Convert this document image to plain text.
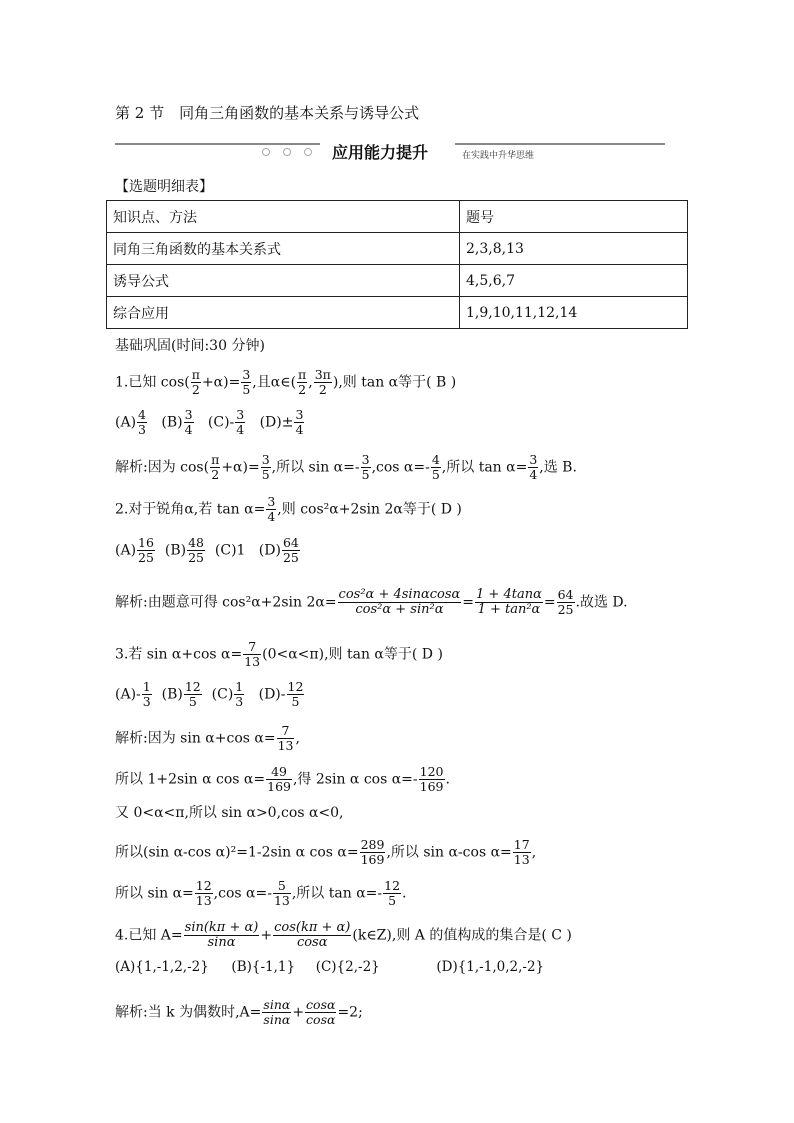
第 2 节　同角三角函数的基本关系与诱导公式
应用能力提升	在实践中升华思维
【选题明细表】
知识点、方法	题号
同角三角函数的基本关系式	2,3,8,13
诱导公式	4,5,6,7
综合应用	1,9,10,11,12,14
基础巩固(时间:30 分钟)
1.已知 $\cos( \frac{\pi}{2} +\alpha)= \frac{3}{5}$ ,且α∈( $\frac{\pi}{2}$ , $\frac{3\pi}{2}$ ),则 tan α等于( B )
$(A) \frac{4}{3} (B) \frac{3}{4} (C)- \frac{3}{4} (D)\pm \frac{3}{4}$
解析:因为 $\cos( \frac{\pi}{2} +\alpha)= \frac{3}{5}$ ,所以 $\sin \alpha=- \frac{3}{5} ,\cos$ $\alpha=- \frac{4}{5}$ ,所以 $\tan \alpha= \frac{3}{4}$ ,选 B.
2.对于锐角α,若 $\tan \alpha= \frac{3}{4}$ ,则 cos²α+2sin 2α等于( D )
$(A) \frac{16}{25} (B) \frac{48}{25} (C)1$ $(D) \frac{64}{25}$
解析:由题意可得 cos²α+2sin $2\alpha= \frac{\text{cos²α + 4sinαcosα}}{\text{cos²α + sin²α}} = \frac{1 + 4\tan\alpha}{\text{1 + tan²α}} = \frac{64}{25}$ .故选 D.
3.若 sin α+cos $\alpha= \frac{7}{13} (0<\alpha<\pi)$,则 tan α等于( D )
$(A)- \frac{1}{3} (B) \frac{12}{5} (C) \frac{1}{3} (D)- \frac{12}{5}$
解析:因为 sin α+cos $\alpha= \frac{7}{13}$ ,
所以 1+2sin α $\cos \alpha= \frac{49}{169}$ ,得 2sin α $\cos \alpha=- \frac{120}{169}$ .
又 0<α<π,所以 sin α>0,cos α<0,
所以(sin α-cos α)²=1-2sin α $\cos \alpha= \frac{289}{169}$ ,所以 sin α-cos $\alpha= \frac{17}{13}$ ,
所以 $\sin \alpha= \frac{12}{13} ,\cos$ $\alpha=- \frac{5}{13}$ ,所以 $\tan \alpha=- \frac{12}{5}$ .
4.已知 $A= \frac{\sin(k\pi + \alpha)}{\sin\alpha} + \frac{\cos(k\pi + \alpha)}{\cos\alpha}$ (k∈Z),则 A 的值构成的集合是( C )
(A){1,-1,2,-2} (B){-1,1} (C){2,-2}	(D){1,-1,0,2,-2}
解析:当 k 为偶数时$,A= \frac{\sin\alpha}{\sin\alpha} + \frac{\cos\alpha}{\cos\alpha} =2$;
